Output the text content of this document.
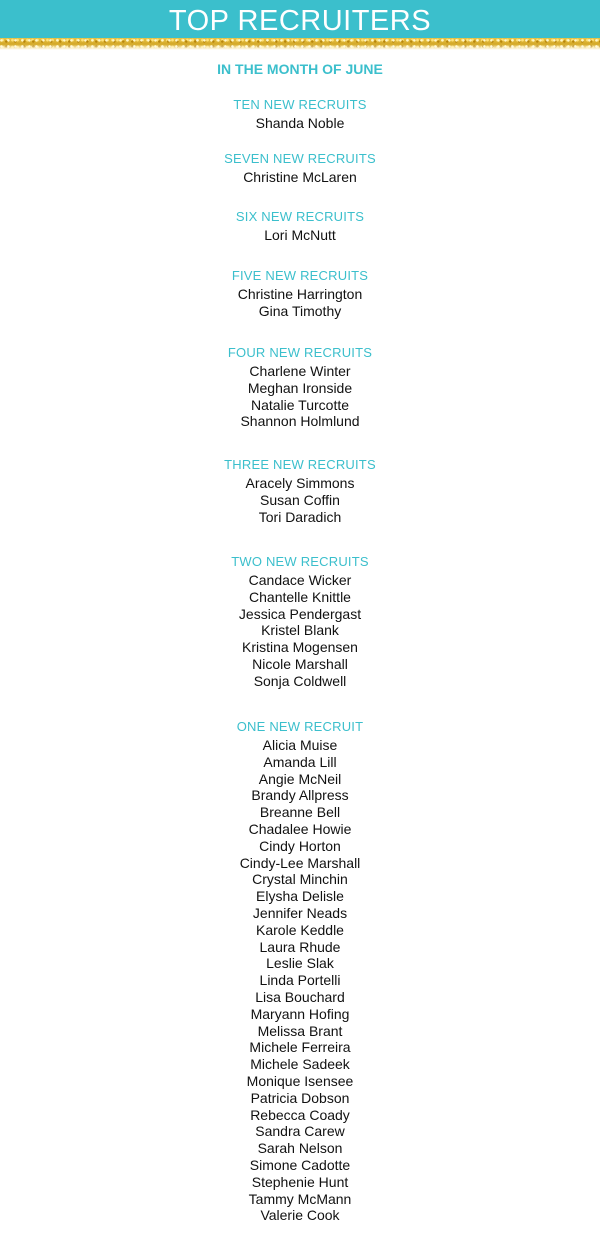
TOP RECRUITERS
IN THE MONTH OF JUNE
TEN NEW RECRUITS
Shanda Noble
SEVEN NEW RECRUITS
Christine McLaren
SIX NEW RECRUITS
Lori McNutt
FIVE NEW RECRUITS
Christine Harrington
Gina Timothy
FOUR NEW RECRUITS
Charlene Winter
Meghan Ironside
Natalie Turcotte
Shannon Holmlund
THREE NEW RECRUITS
Aracely Simmons
Susan Coffin
Tori Daradich
TWO NEW RECRUITS
Candace Wicker
Chantelle Knittle
Jessica Pendergast
Kristel Blank
Kristina Mogensen
Nicole Marshall
Sonja Coldwell
ONE NEW RECRUIT
Alicia Muise
Amanda Lill
Angie McNeil
Brandy Allpress
Breanne Bell
Chadalee Howie
Cindy Horton
Cindy-Lee Marshall
Crystal Minchin
Elysha Delisle
Jennifer Neads
Karole Keddle
Laura Rhude
Leslie Slak
Linda Portelli
Lisa Bouchard
Maryann Hofing
Melissa Brant
Michele Ferreira
Michele Sadeek
Monique Isensee
Patricia Dobson
Rebecca Coady
Sandra Carew
Sarah Nelson
Simone Cadotte
Stephenie Hunt
Tammy McMann
Valerie Cook
